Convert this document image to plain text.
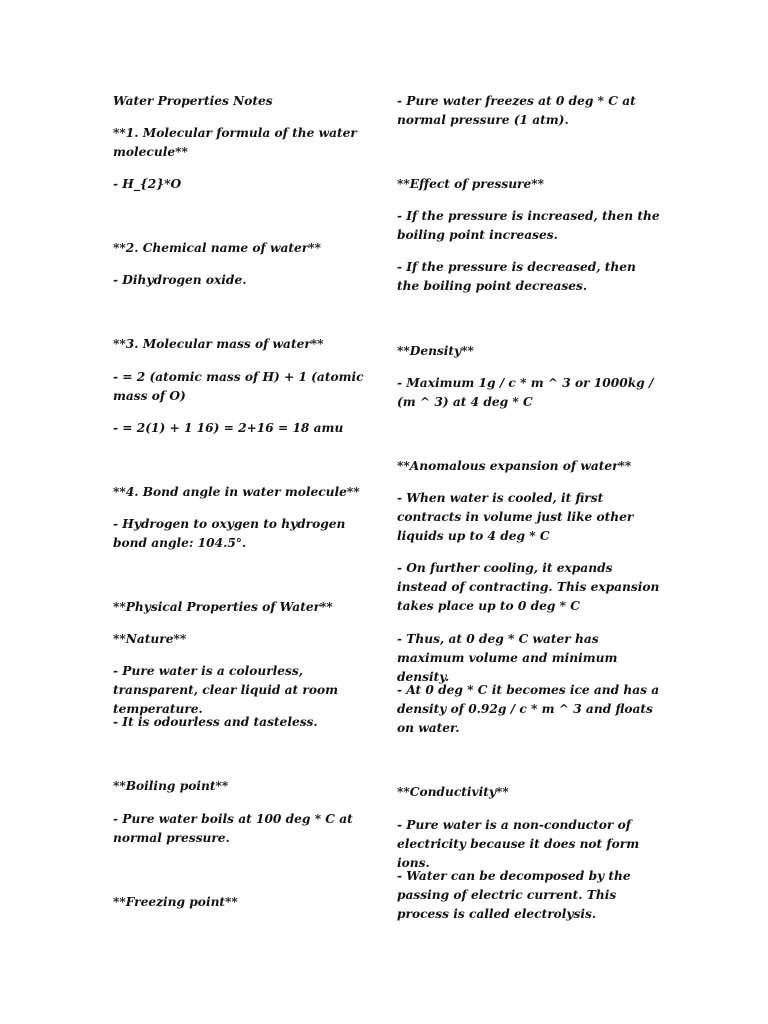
Water Properties Notes
**1. Molecular formula of the water molecule**
- H_{2}*O
**2. Chemical name of water**
- Dihydrogen oxide.
**3. Molecular mass of water**
- = 2 (atomic mass of H) + 1 (atomic mass of O)
- = 2(1) + 1 16) = 2+16 = 18 amu
**4. Bond angle in water molecule**
- Hydrogen to oxygen to hydrogen bond angle: 104.5°.
**Physical Properties of Water**
**Nature**
- Pure water is a colourless, transparent, clear liquid at room temperature.
- It is odourless and tasteless.
**Boiling point**
- Pure water boils at 100 deg * C at normal pressure.
**Freezing point**
- Pure water freezes at 0 deg * C at normal pressure (1 atm).
**Effect of pressure**
- If the pressure is increased, then the boiling point increases.
- If the pressure is decreased, then the boiling point decreases.
**Density**
- Maximum 1g / c * m ^ 3 or 1000kg / (m ^ 3) at 4 deg * C
**Anomalous expansion of water**
- When water is cooled, it first contracts in volume just like other liquids up to 4 deg * C
- On further cooling, it expands instead of contracting. This expansion takes place up to 0 deg * C
- Thus, at 0 deg * C water has maximum volume and minimum density.
- At 0 deg * C it becomes ice and has a density of 0.92g / c * m ^ 3 and floats on water.
**Conductivity**
- Pure water is a non-conductor of electricity because it does not form ions.
- Water can be decomposed by the passing of electric current. This process is called electrolysis.
